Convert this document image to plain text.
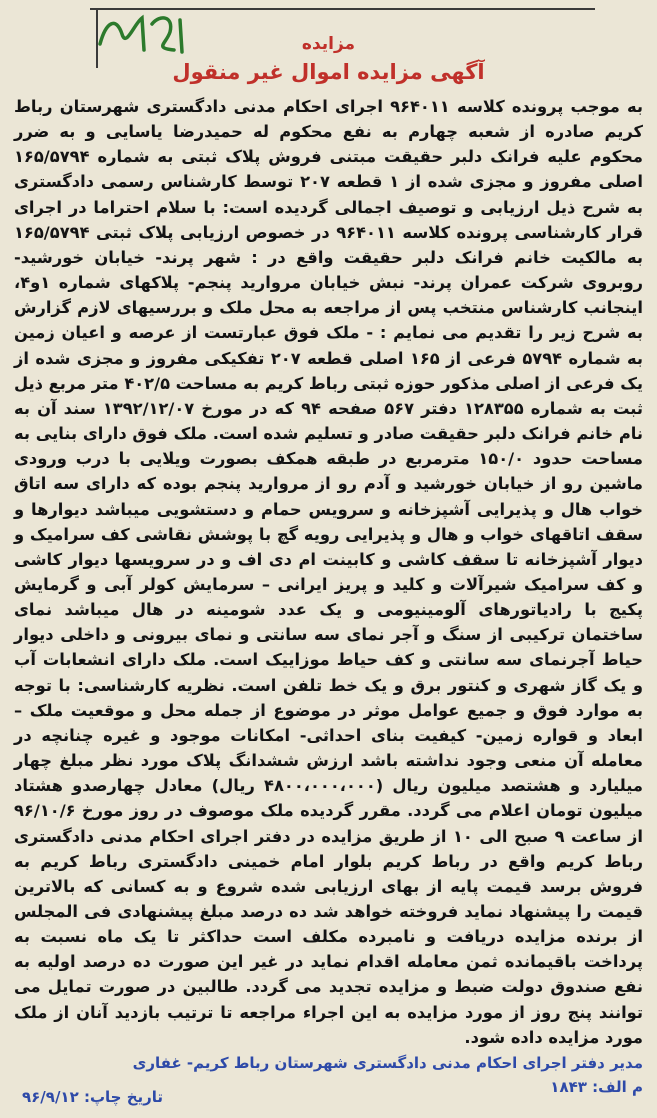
مزایده
آگهی مزایده اموال غیر منقول
به موجب پرونده کلاسه ۹۶۴۰۱۱ اجرای احکام مدنی دادگستری شهرستان رباط کریم صادره از شعبه چهارم به نفع محکوم له حمیدرضا یاسایی و به ضرر محکوم علیه فرانک دلبر حقیقت مبتنی فروش پلاک ثبتی به شماره ۱۶۵/۵۷۹۴ اصلی مفروز و مجزی شده از ۱ قطعه ۲۰۷ توسط کارشناس رسمی دادگستری به شرح ذیل ارزیابی و توصیف اجمالی گردیده است: با سلام احتراما در اجرای قرار کارشناسی پرونده کلاسه ۹۶۴۰۱۱ در خصوص ارزیابی پلاک ثبتی ۱۶۵/۵۷۹۴ به مالکیت خانم فرانک دلبر حقیقت واقع در : شهر پرند- خیابان خورشید- روبروی شرکت عمران پرند- نبش خیابان مروارید پنجم- پلاکهای شماره ۱و۴، اینجانب کارشناس منتخب پس از مراجعه به محل ملک و بررسیهای لازم گزارش به شرح زیر را تقدیم می نمایم : - ملک فوق عبارتست از عرصه و اعیان زمین به شماره ۵۷۹۴ فرعی از ۱۶۵ اصلی قطعه ۲۰۷ تفکیکی مفروز و مجزی شده از یک فرعی از اصلی مذکور حوزه ثبتی رباط کریم به مساحت ۴۰۲/۵ متر مربع ذیل ثبت به شماره ۱۲۸۳۵۵ دفتر ۵۶۷ صفحه ۹۴ که در مورخ ۱۳۹۲/۱۲/۰۷ سند آن به نام خانم فرانک دلبر حقیقت صادر و تسلیم شده است. ملک فوق دارای بنایی به مساحت حدود ۱۵۰/۰ مترمربع در طبقه همکف بصورت ویلایی با درب ورودی ماشین رو از خیابان خورشید و آدم رو از مروارید پنجم بوده که دارای سه اتاق خواب هال و پذیرایی آشپزخانه و سرویس حمام و دستشویی میباشد دیوارها و سقف اتاقهای خواب و هال و پذیرایی رویه گچ با پوشش نقاشی کف سرامیک و دیوار آشپزخانه تا سقف کاشی و کابینت ام دی اف و در سرویسها دیوار کاشی و کف سرامیک شیرآلات و کلید و پریز ایرانی – سرمایش کولر آبی و گرمایش پکیج با رادیاتورهای آلومینیومی و یک عدد شومینه در هال میباشد نمای ساختمان ترکیبی از سنگ و آجر نمای سه سانتی و نمای بیرونی و داخلی دیوار حیاط آجرنمای سه سانتی و کف حیاط موزاییک است. ملک دارای انشعابات آب و یک گاز شهری و کنتور برق و یک خط تلفن است. نظریه کارشناسی: با توجه به موارد فوق و جمیع عوامل موثر در موضوع از جمله محل و موقعیت ملک –ابعاد و قواره زمین- کیفیت بنای احداثی- امکانات موجود و غیره چنانچه در معامله آن منعی وجود نداشته باشد ارزش ششدانگ پلاک مورد نظر مبلغ چهار میلیارد و هشتصد میلیون ریال (۴۸۰۰،۰۰۰،۰۰۰ ریال) معادل چهارصدو هشتاد میلیون تومان اعلام می گردد. مقرر گردیده ملک موصوف در روز مورخ ۹۶/۱۰/۶ از ساعت ۹ صبح الی ۱۰ از طریق مزایده در دفتر اجرای احکام مدنی دادگستری رباط کریم واقع در رباط کریم بلوار امام خمینی دادگستری رباط کریم به فروش برسد قیمت پایه از بهای ارزیابی شده شروع و به کسانی که بالاترین قیمت را پیشنهاد نماید فروخته خواهد شد ده درصد مبلغ پیشنهادی فی المجلس از برنده مزایده دریافت و نامبرده مکلف است حداکثر تا یک ماه نسبت به پرداخت باقیمانده ثمن معامله اقدام نماید در غیر این صورت ده درصد اولیه به نفع صندوق دولت ضبط و مزایده تجدید می گردد. طالبین در صورت تمایل می توانند پنج روز از مورد مزایده به این اجراء مراجعه تا ترتیب بازدید آنان از ملک مورد مزایده داده شود.
مدیر دفتر اجرای احکام مدنی دادگستری شهرستان رباط کریم- غفاری
م الف: ۱۸۴۳
تاریخ چاپ: ۹۶/۹/۱۲
